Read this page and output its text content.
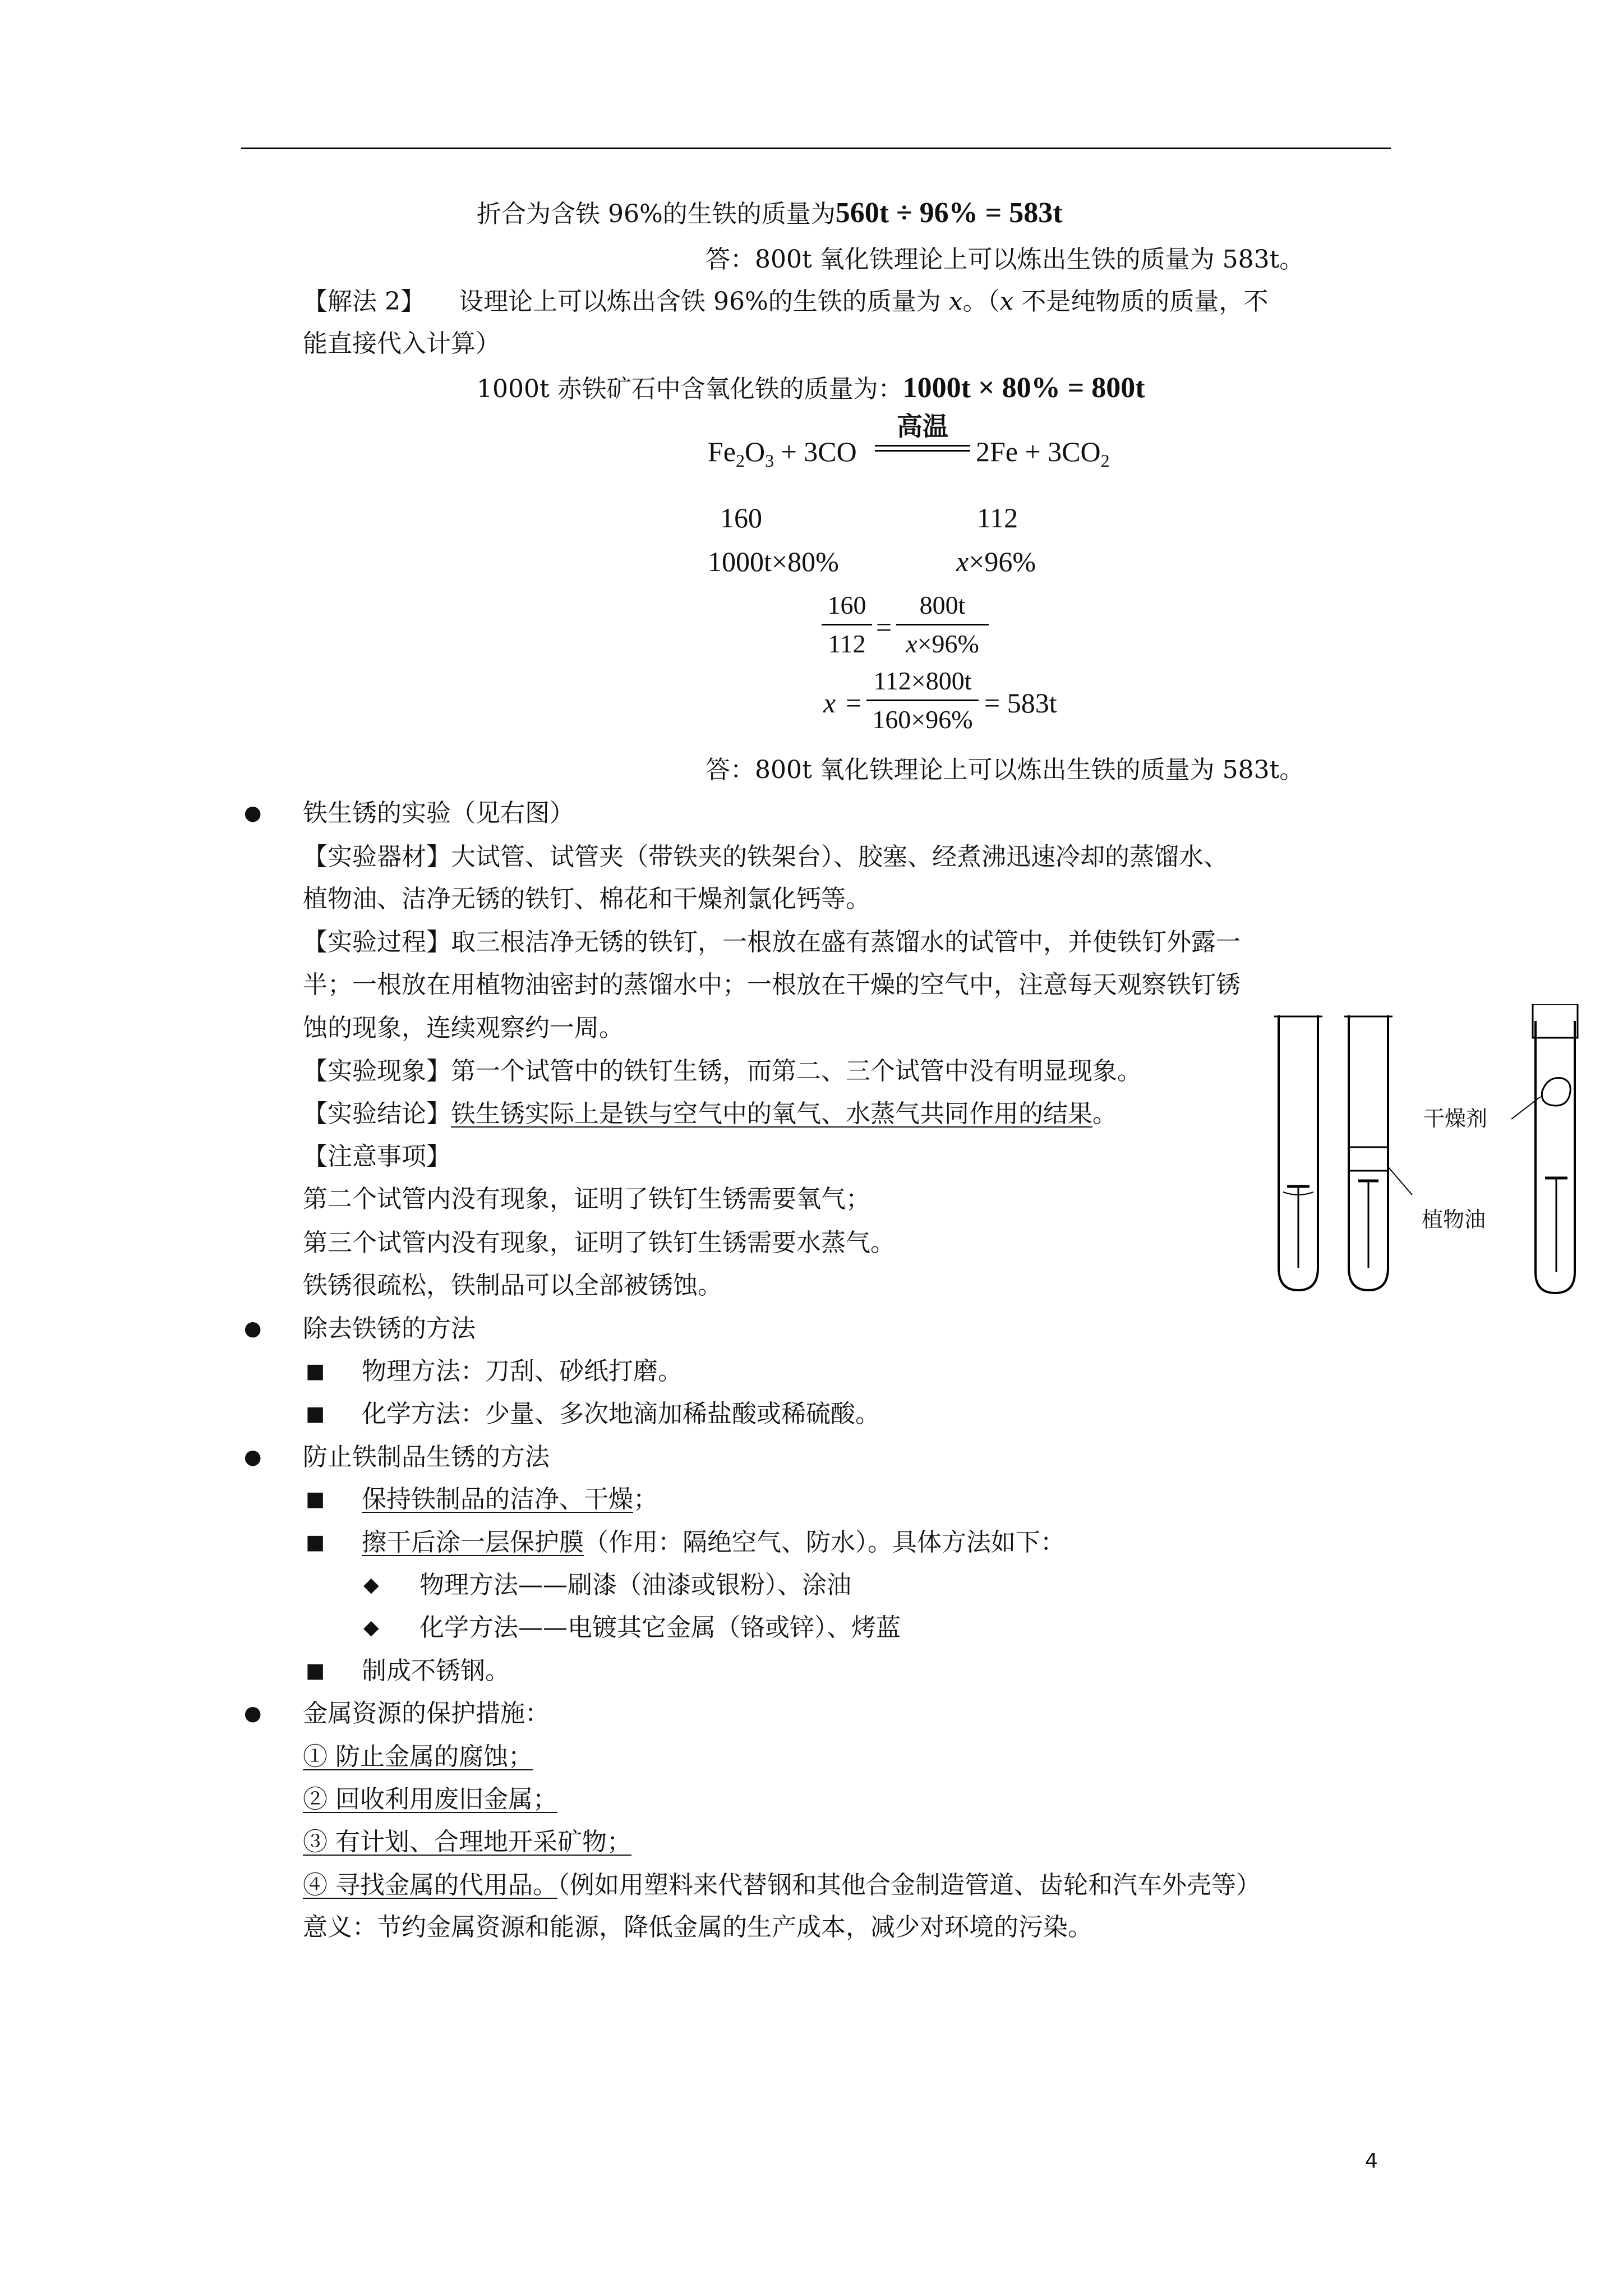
折合为含铁 96%的生铁的质量为560t ÷ 96% = 583t
答：800t 氧化铁理论上可以炼出生铁的质量为 583t。
【解法 2】 设理论上可以炼出含铁 96%的生铁的质量为 x。（x 不是纯物质的质量，不
能直接代入计算）
1000t 赤铁矿石中含氧化铁的质量为：1000t × 80% = 800t
$Fe_2O_3 + 3CO$
高温
$2Fe + 3CO_2$
160	112
1000t×80%	x×96%
160
112
=
800t
x×96%
x =
112×800t
160×96%
= 583t
答：800t 氧化铁理论上可以炼出生铁的质量为 583t。
● 铁生锈的实验（见右图）
【实验器材】大试管、试管夹（带铁夹的铁架台）、胶塞、经煮沸迅速冷却的蒸馏水、
植物油、洁净无锈的铁钉、棉花和干燥剂氯化钙等。
【实验过程】取三根洁净无锈的铁钉，一根放在盛有蒸馏水的试管中，并使铁钉外露一
半；一根放在用植物油密封的蒸馏水中；一根放在干燥的空气中，注意每天观察铁钉锈
蚀的现象，连续观察约一周。
【实验现象】第一个试管中的铁钉生锈，而第二、三个试管中没有明显现象。
【实验结论】铁生锈实际上是铁与空气中的氧气、水蒸气共同作用的结果。
【注意事项】
第二个试管内没有现象，证明了铁钉生锈需要氧气；
第三个试管内没有现象，证明了铁钉生锈需要水蒸气。
铁锈很疏松，铁制品可以全部被锈蚀。
干燥剂
植物油
● 除去铁锈的方法
■ 物理方法：刀刮、砂纸打磨。
■ 化学方法：少量、多次地滴加稀盐酸或稀硫酸。
● 防止铁制品生锈的方法
■ 保持铁制品的洁净、干燥；
■ 擦干后涂一层保护膜（作用：隔绝空气、防水）。具体方法如下：
◆ 物理方法——刷漆（油漆或银粉）、涂油
◆ 化学方法——电镀其它金属（铬或锌）、烤蓝
■ 制成不锈钢。
● 金属资源的保护措施：
① 防止金属的腐蚀；
② 回收利用废旧金属；
③ 有计划、合理地开采矿物；
④ 寻找金属的代用品。（例如用塑料来代替钢和其他合金制造管道、齿轮和汽车外壳等）
意义：节约金属资源和能源，降低金属的生产成本，减少对环境的污染。
4
